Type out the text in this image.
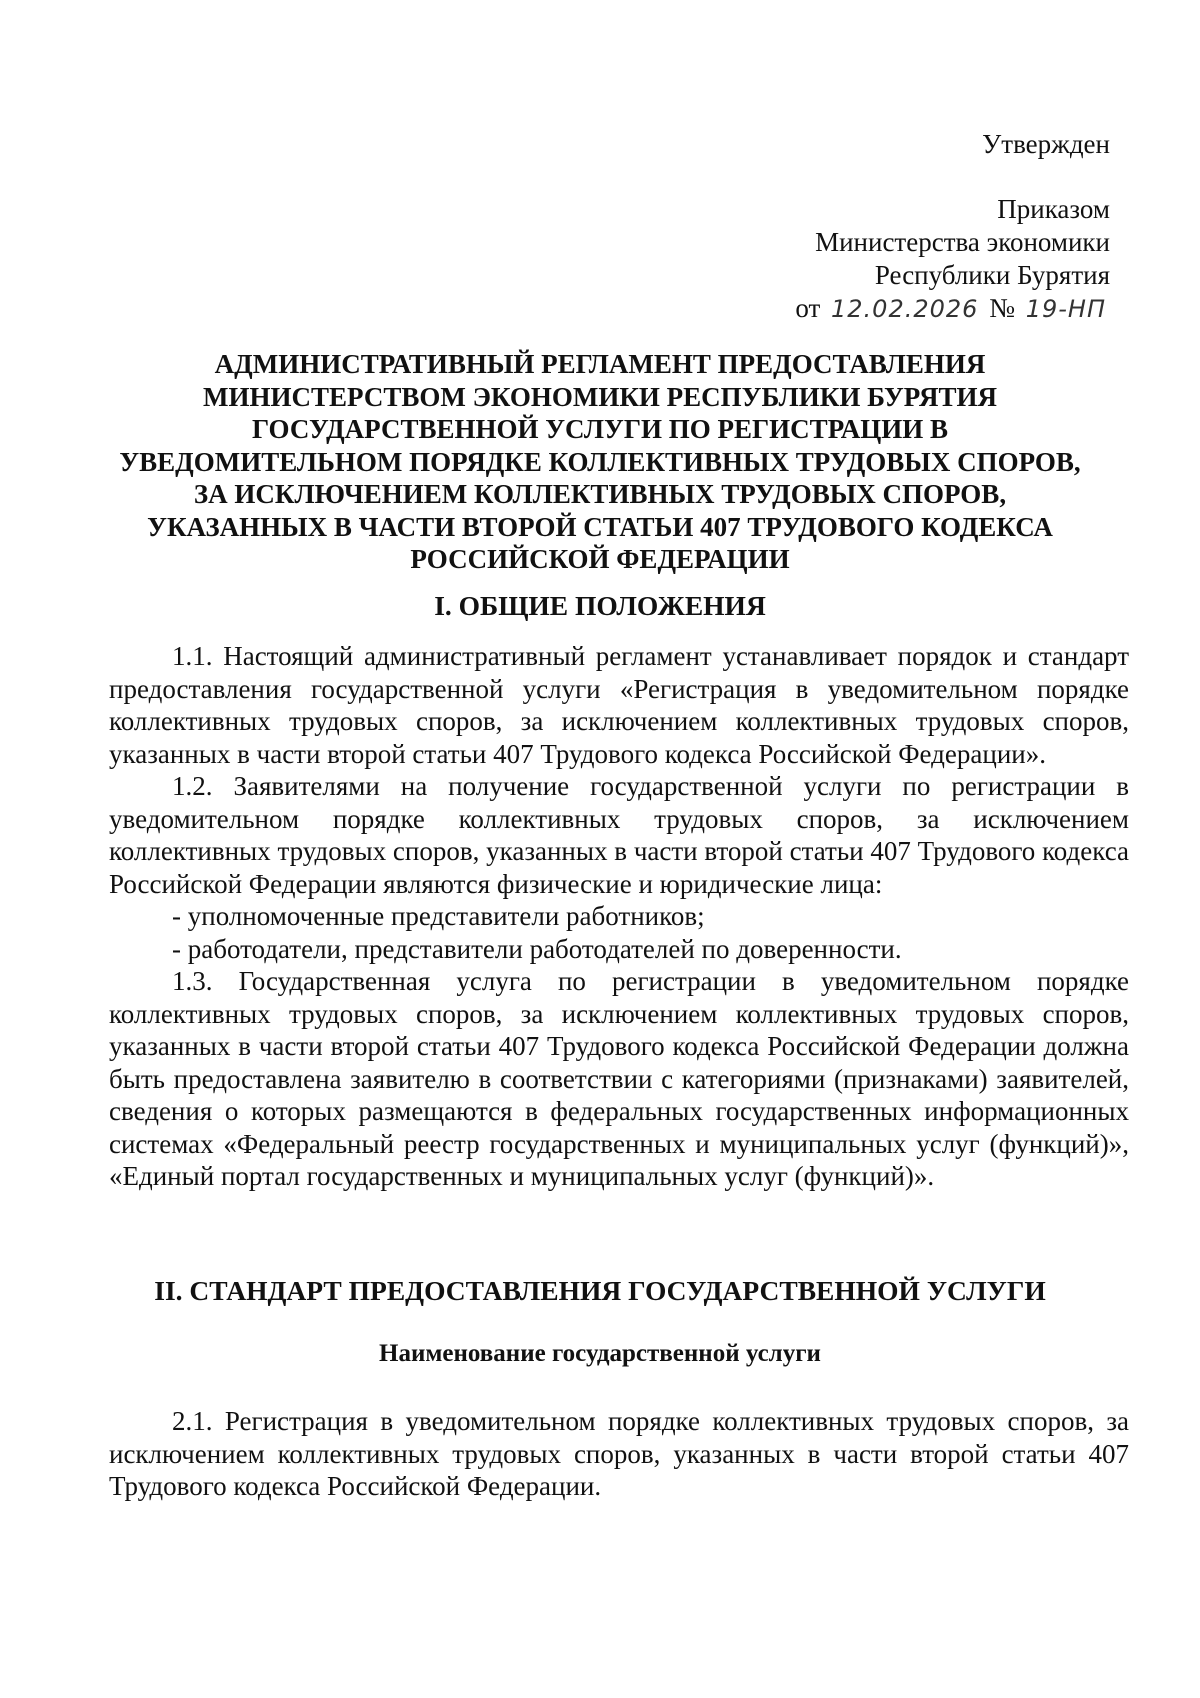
Утвержден
Приказом
Министерства экономики
Республики Бурятия
от 12.02.2026 № 19-НП
АДМИНИСТРАТИВНЫЙ РЕГЛАМЕНТ ПРЕДОСТАВЛЕНИЯ
МИНИСТЕРСТВОМ ЭКОНОМИКИ РЕСПУБЛИКИ БУРЯТИЯ
ГОСУДАРСТВЕННОЙ УСЛУГИ ПО РЕГИСТРАЦИИ В
УВЕДОМИТЕЛЬНОМ ПОРЯДКЕ КОЛЛЕКТИВНЫХ ТРУДОВЫХ СПОРОВ,
ЗА ИСКЛЮЧЕНИЕМ КОЛЛЕКТИВНЫХ ТРУДОВЫХ СПОРОВ,
УКАЗАННЫХ В ЧАСТИ ВТОРОЙ СТАТЬИ 407 ТРУДОВОГО КОДЕКСА
РОССИЙСКОЙ ФЕДЕРАЦИИ
I. ОБЩИЕ ПОЛОЖЕНИЯ

1.1. Настоящий административный регламент устанавливает порядок и стандарт предоставления государственной услуги «Регистрация в уведомительном порядке коллективных трудовых споров, за исключением коллективных трудовых споров, указанных в части второй статьи 407 Трудового кодекса Российской Федерации».

1.2. Заявителями на получение государственной услуги по регистрации в уведомительном порядке коллективных трудовых споров, за исключением коллективных трудовых споров, указанных в части второй статьи 407 Трудового кодекса Российской Федерации являются физические и юридические лица:

- уполномоченные представители работников;

- работодатели, представители работодателей по доверенности.

1.3. Государственная услуга по регистрации в уведомительном порядке коллективных трудовых споров, за исключением коллективных трудовых споров, указанных в части второй статьи 407 Трудового кодекса Российской Федерации должна быть предоставлена заявителю в соответствии с категориями (признаками) заявителей, сведения о которых размещаются в федеральных государственных информационных системах «Федеральный реестр государственных и муниципальных услуг (функций)», «Единый портал государственных и муниципальных услуг (функций)».

II. СТАНДАРТ ПРЕДОСТАВЛЕНИЯ ГОСУДАРСТВЕННОЙ УСЛУГИ
Наименование государственной услуги

2.1. Регистрация в уведомительном порядке коллективных трудовых споров, за исключением коллективных трудовых споров, указанных в части второй статьи 407 Трудового кодекса Российской Федерации.
